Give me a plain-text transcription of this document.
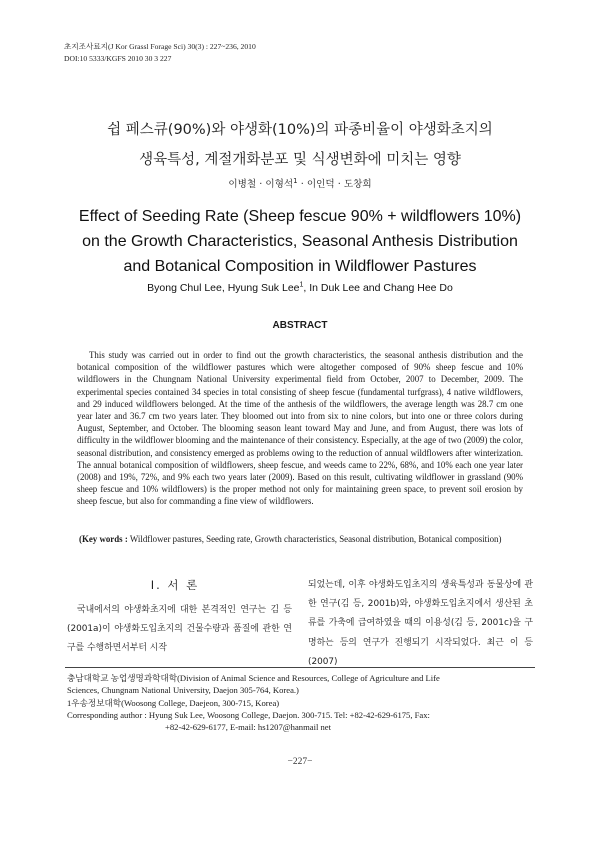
초지조사료지(J Kor Grassl Forage Sci) 30(3) : 227~236, 2010
DOI:10 5333/KGFS 2010 30 3 227
쉽 페스큐(90%)와 야생화(10%)의 파종비율이 야생화초지의
생육특성, 계절개화분포 및 식생변화에 미치는 영향
이병철 · 이형석$^1$ · 이인덕 · 도창희
Effect of Seeding Rate (Sheep fescue 90% + wildflowers 10%)
on the Growth Characteristics, Seasonal Anthesis Distribution
and Botanical Composition in Wildflower Pastures
Byong Chul Lee, Hyung Suk Lee$^1$, In Duk Lee and Chang Hee Do
ABSTRACT
This study was carried out in order to find out the growth characteristics, the seasonal anthesis distribution and the botanical composition of the wildflower pastures which were altogether composed of 90% sheep fescue and 10% wildflowers in the Chungnam National University experimental field from October, 2007 to December, 2009. The experimental species contained 34 species in total consisting of sheep fescue (fundamental turfgrass), 4 native wildflowers, and 29 induced wildflowers belonged. At the time of the anthesis of the wildflowers, the average length was 28.7 cm one year later and 36.7 cm two years later. They bloomed out into from six to nine colors, but into one or three colors during August, September, and October. The blooming season leant toward May and June, and from August, there was lots of difficulty in the wildflower blooming and the maintenance of their consistency. Especially, at the age of two (2009) the color, seasonal distribution, and consistency emerged as problems owing to the reduction of annual wildflowers after winterization. The annual botanical composition of wildflowers, sheep fescue, and weeds came to 22%, 68%, and 10% each one year later (2008) and 19%, 72%, and 9% each two years later (2009). Based on this result, cultivating wildflower in grassland (90% sheep fescue and 10% wildflowers) is the proper method not only for maintaining green space, to prevent soil erosion by sheep fescue, but also for commanding a fine view of wildflowers.
(Key words : Wildflower pastures, Seeding rate, Growth characteristics, Seasonal distribution, Botanical composition)
Ⅰ. 서 론
국내에서의 야생화초지에 대한 본격적인 연구는 김 등(2001a)이 야생화도입초지의 건물수량과 품질에 관한 연구를 수행하면서부터 시작
되었는데, 이후 야생화도입초지의 생육특성과 동물상에 관한 연구(김 등, 2001b)와, 야생화도입초지에서 생산된 초류를 가축에 급여하였을 때의 이용성(김 등, 2001c)을 구명하는 등의 연구가 진행되기 시작되었다. 최근 이 등(2007)
충남대학교 농업생명과학대학(Division of Animal Science and Resources, College of Agriculture and Life
Sciences, Chungnam National University, Daejon 305-764, Korea.)
1우송정보대학(Woosong College, Daejeon, 300-715, Korea)
Corresponding author : Hyung Suk Lee, Woosong College, Daejon. 300-715. Tel: +82-42-629-6175, Fax:
+82-42-629-6177, E-mail: hs1207@hanmail net
−227−
